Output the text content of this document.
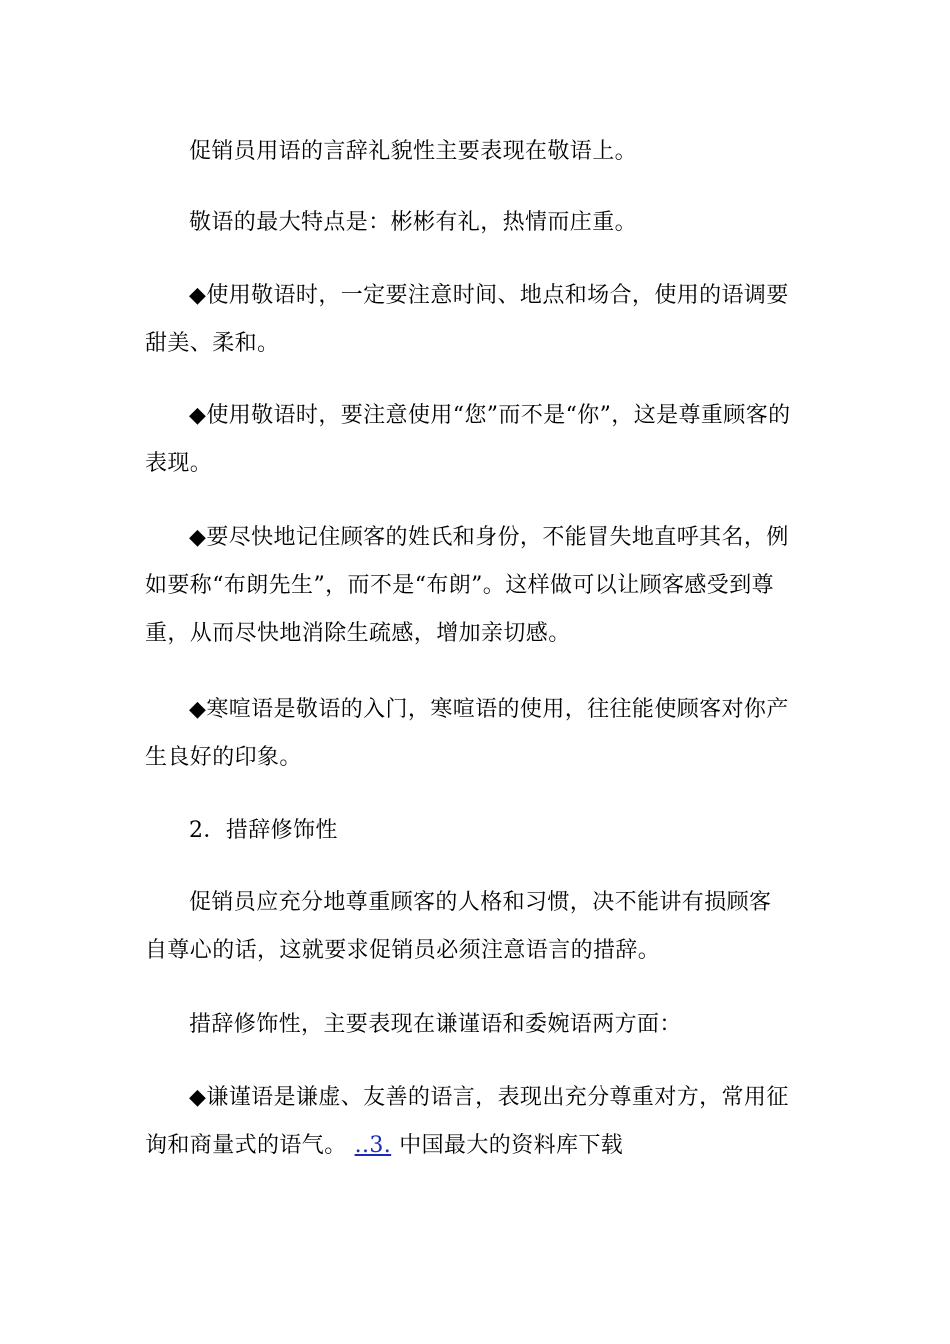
促销员用语的言辞礼貌性主要表现在敬语上。

敬语的最大特点是：彬彬有礼，热情而庄重。

◆使用敬语时，一定要注意时间、地点和场合，使用的语调要甜美、柔和。

◆使用敬语时，要注意使用“您”而不是“你”，这是尊重顾客的表现。

◆要尽快地记住顾客的姓氏和身份，不能冒失地直呼其名，例如要称“布朗先生”，而不是“布朗”。这样做可以让顾客感受到尊重，从而尽快地消除生疏感，增加亲切感。

◆寒喧语是敬语的入门，寒喧语的使用，往往能使顾客对你产生良好的印象。

2．措辞修饰性

促销员应充分地尊重顾客的人格和习惯，决不能讲有损顾客自尊心的话，这就要求促销员必须注意语言的措辞。

措辞修饰性，主要表现在谦谨语和委婉语两方面：

◆谦谨语是谦虚、友善的语言，表现出充分尊重对方，常用征询和商量式的语气。 ..3. 中国最大的资料库下载
